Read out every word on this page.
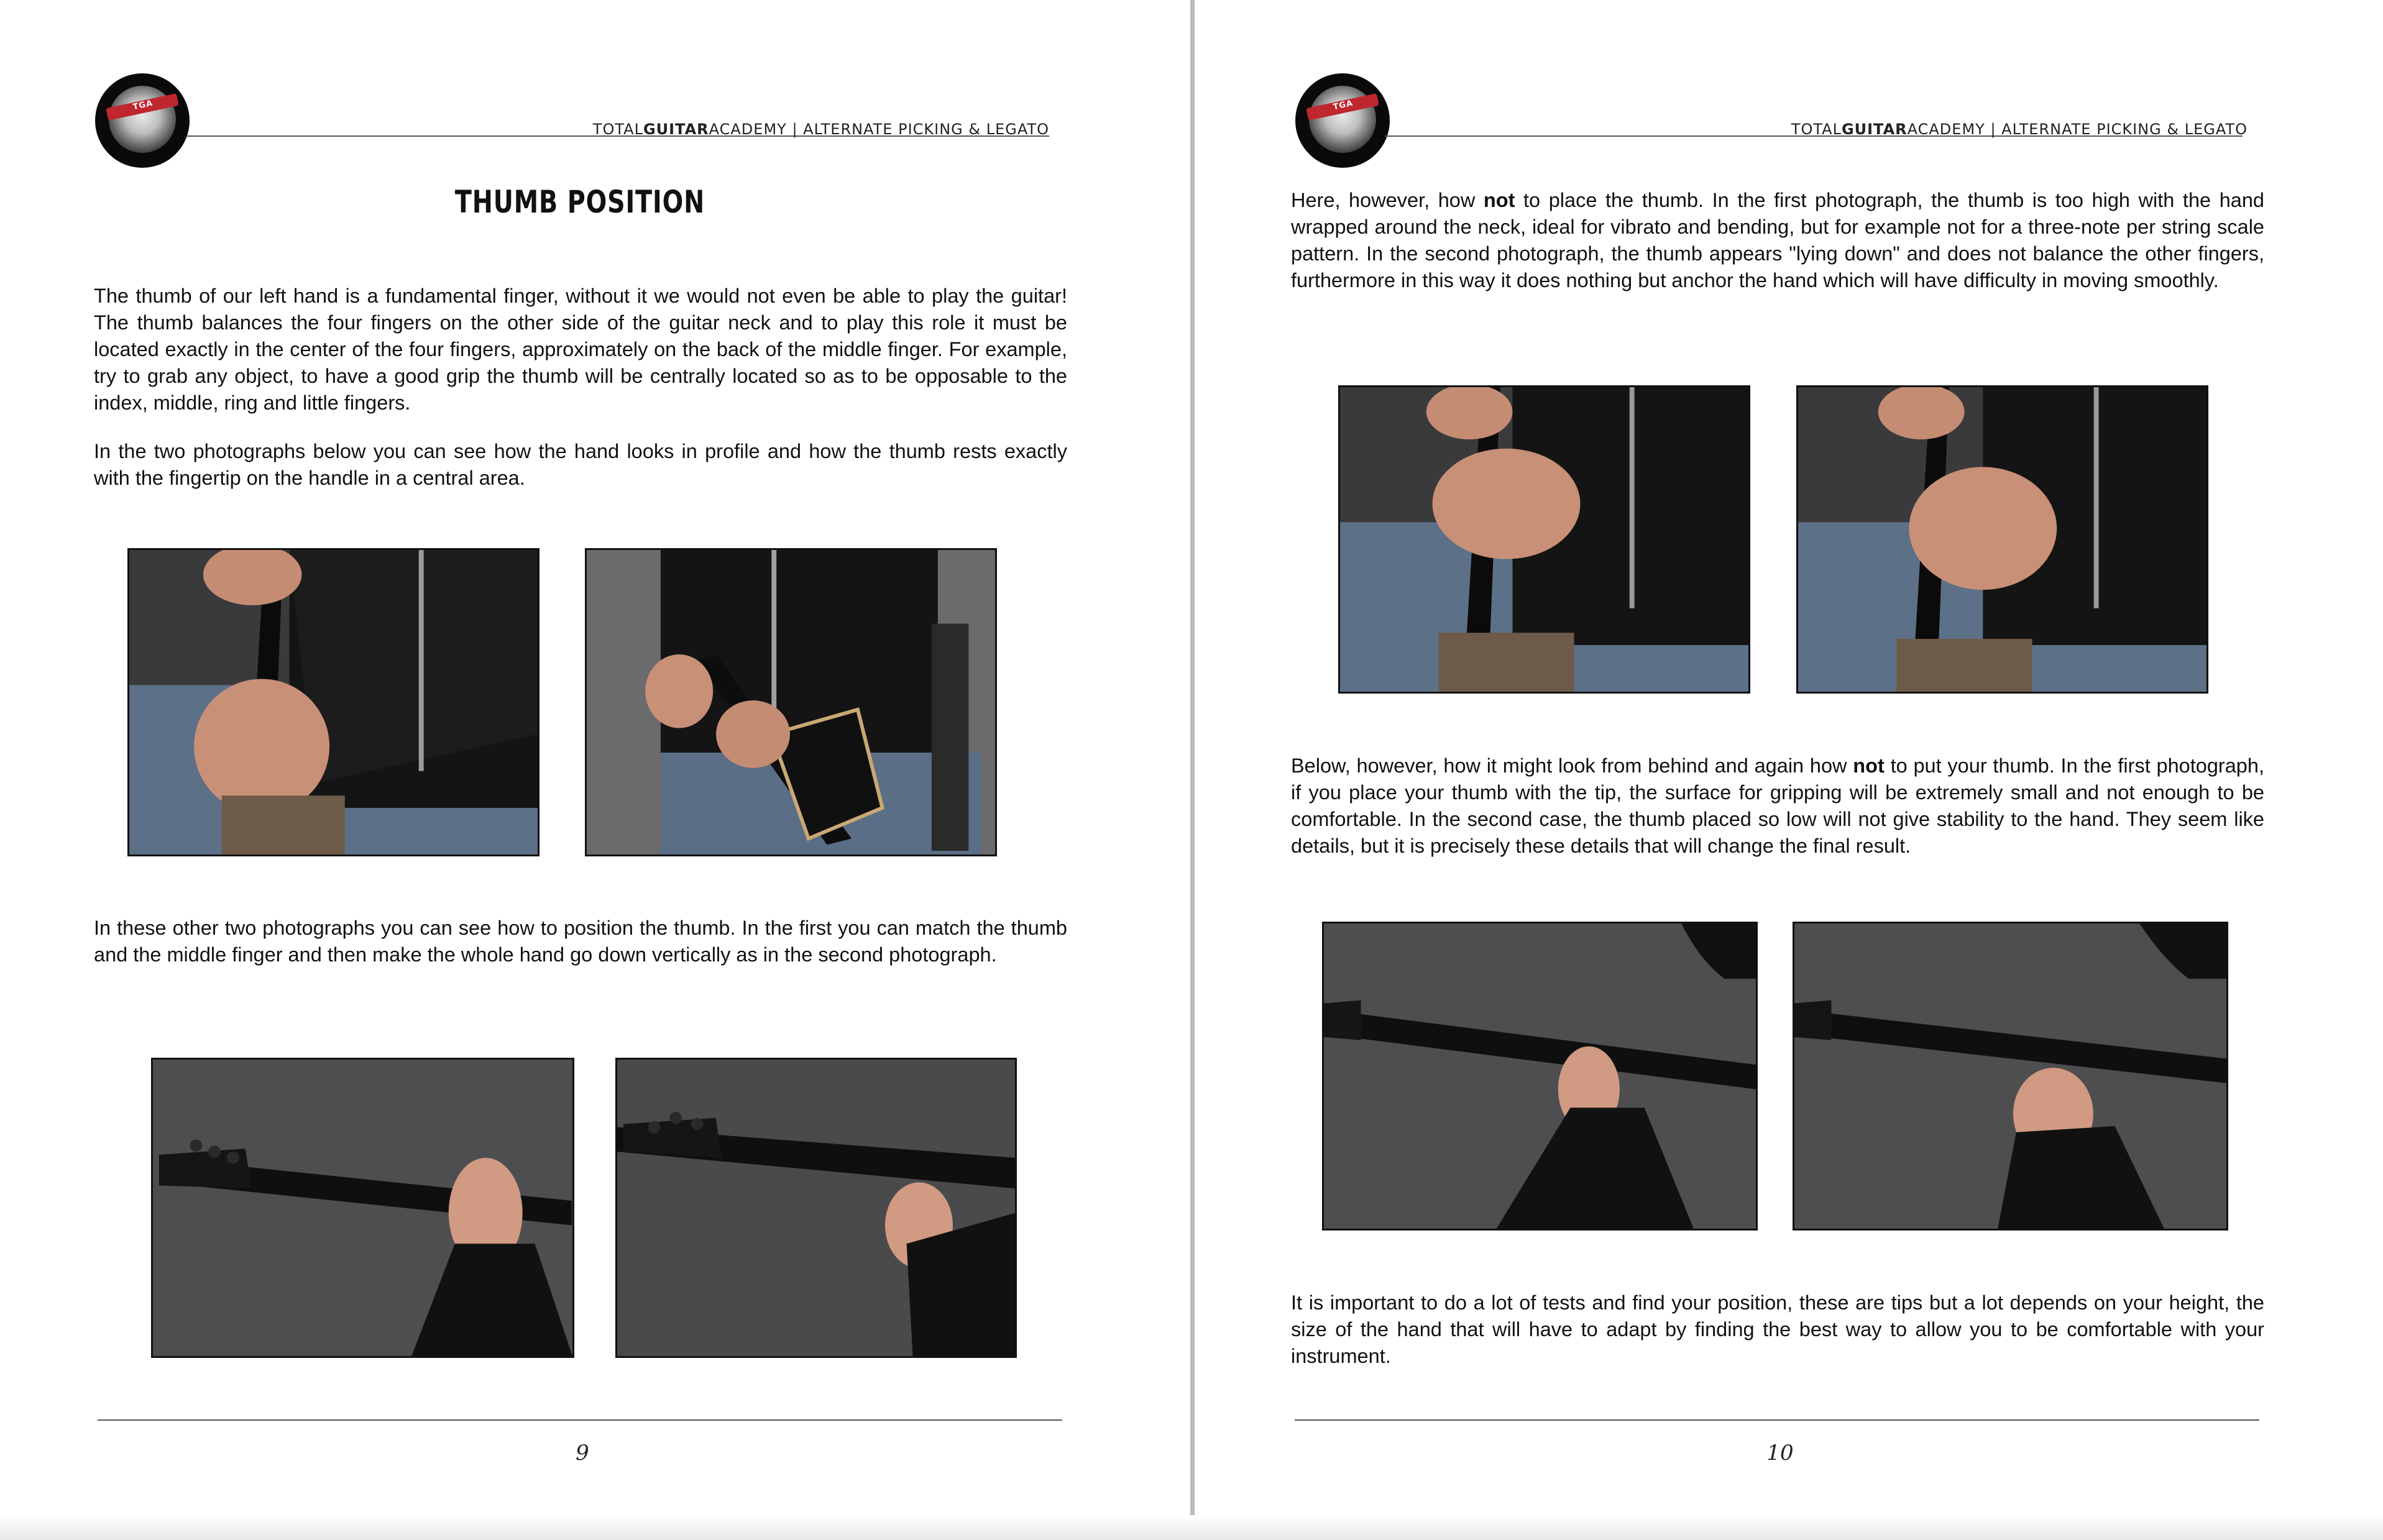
TGA
TOTALGUITARACADEMY | ALTERNATE PICKING & LEGATO
THUMB POSITION

The thumb of our left hand is a fundamental finger, without it we would not even be able to play the guitar! The thumb balances the four fingers on the other side of the guitar neck and to play this role it must be located exactly in the center of the four fingers, approximately on the back of the middle finger. For example, try to grab any object, to have a good grip the thumb will be centrally located so as to be opposable to the index, middle, ring and little fingers.

In the two photographs below you can see how the hand looks in profile and how the thumb rests exactly with the fingertip on the handle in a central area.

In these other two photographs you can see how to position the thumb. In the first you can match the thumb and the middle finger and then make the whole hand go down vertically as in the second photograph.

9
TGA
TOTALGUITARACADEMY | ALTERNATE PICKING & LEGATO

Here, however, how not to place the thumb. In the first photograph, the thumb is too high with the hand wrapped around the neck, ideal for vibrato and bending, but for example not for a three-note per string scale pattern. In the second photograph, the thumb appears "lying down" and does not balance the other fingers, furthermore in this way it does nothing but anchor the hand which will have difficulty in moving smoothly.

Below, however, how it might look from behind and again how not to put your thumb. In the first photograph, if you place your thumb with the tip, the surface for gripping will be extremely small and not enough to be comfortable. In the second case, the thumb placed so low will not give stability to the hand. They seem like details, but it is precisely these details that will change the final result.

It is important to do a lot of tests and find your position, these are tips but a lot depends on your height, the size of the hand that will have to adapt by finding the best way to allow you to be comfortable with your instrument.

10
